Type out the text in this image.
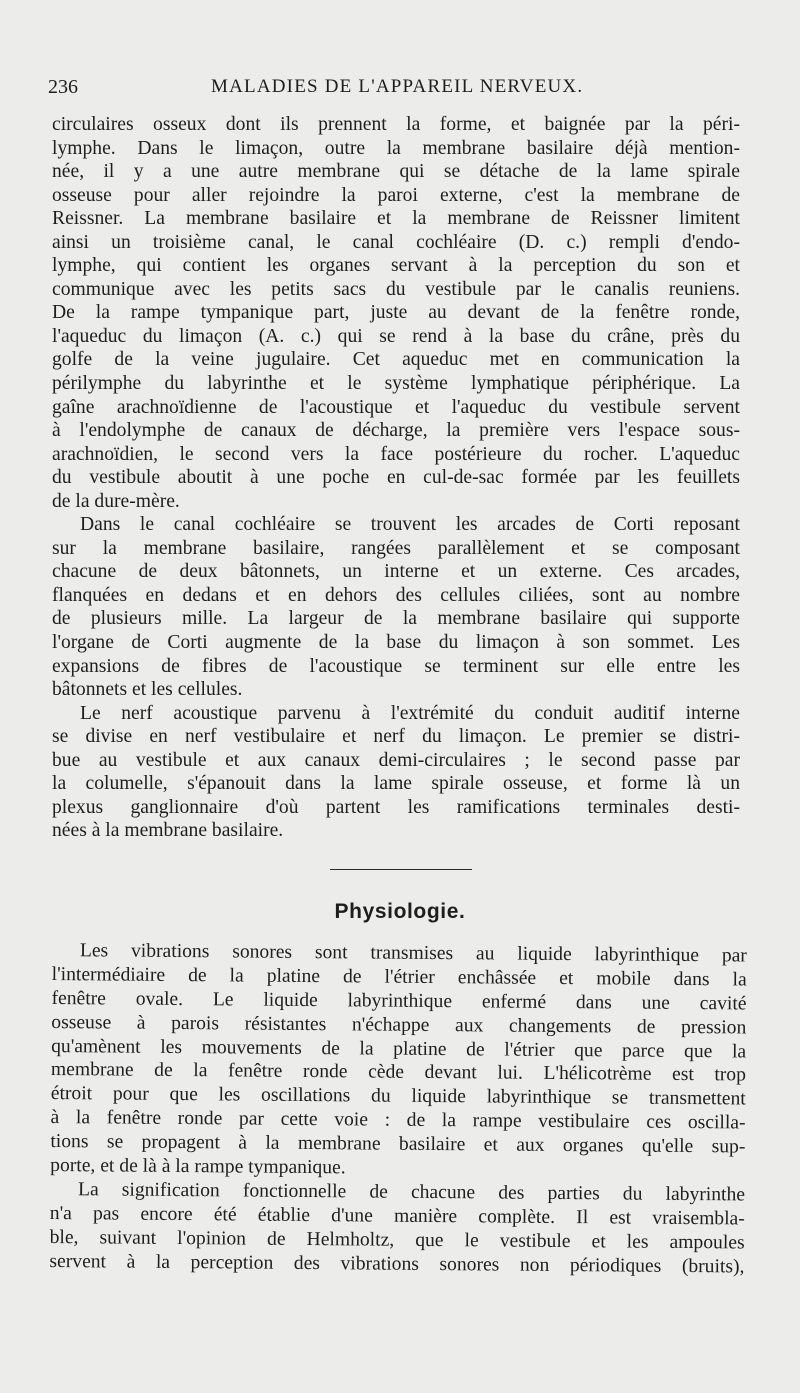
236	MALADIES DE L'APPAREIL NERVEUX.
circulaires osseux dont ils prennent la forme, et baignée par la péri-
lymphe. Dans le limaçon, outre la membrane basilaire déjà mention-
née, il y a une autre membrane qui se détache de la lame spirale
osseuse pour aller rejoindre la paroi externe, c'est la membrane de
Reissner. La membrane basilaire et la membrane de Reissner limitent
ainsi un troisième canal, le canal cochléaire (D. c.) rempli d'endo-
lymphe, qui contient les organes servant à la perception du son et
communique avec les petits sacs du vestibule par le canalis reuniens.
De la rampe tympanique part, juste au devant de la fenêtre ronde,
l'aqueduc du limaçon (A. c.) qui se rend à la base du crâne, près du
golfe de la veine jugulaire. Cet aqueduc met en communication la
périlymphe du labyrinthe et le système lymphatique périphérique. La
gaîne arachnoïdienne de l'acoustique et l'aqueduc du vestibule servent
à l'endolymphe de canaux de décharge, la première vers l'espace sous-
arachnoïdien, le second vers la face postérieure du rocher. L'aqueduc
du vestibule aboutit à une poche en cul-de-sac formée par les feuillets
de la dure-mère.
Dans le canal cochléaire se trouvent les arcades de Corti reposant
sur la membrane basilaire, rangées parallèlement et se composant
chacune de deux bâtonnets, un interne et un externe. Ces arcades,
flanquées en dedans et en dehors des cellules ciliées, sont au nombre
de plusieurs mille. La largeur de la membrane basilaire qui supporte
l'organe de Corti augmente de la base du limaçon à son sommet. Les
expansions de fibres de l'acoustique se terminent sur elle entre les
bâtonnets et les cellules.
Le nerf acoustique parvenu à l'extrémité du conduit auditif interne
se divise en nerf vestibulaire et nerf du limaçon. Le premier se distri-
bue au vestibule et aux canaux demi-circulaires ; le second passe par
la columelle, s'épanouit dans la lame spirale osseuse, et forme là un
plexus ganglionnaire d'où partent les ramifications terminales desti-
nées à la membrane basilaire.
Physiologie.
Les vibrations sonores sont transmises au liquide labyrinthique par
l'intermédiaire de la platine de l'étrier enchâssée et mobile dans la
fenêtre ovale. Le liquide labyrinthique enfermé dans une cavité
osseuse à parois résistantes n'échappe aux changements de pression
qu'amènent les mouvements de la platine de l'étrier que parce que la
membrane de la fenêtre ronde cède devant lui. L'hélicotrème est trop
étroit pour que les oscillations du liquide labyrinthique se transmettent
à la fenêtre ronde par cette voie : de la rampe vestibulaire ces oscilla-
tions se propagent à la membrane basilaire et aux organes qu'elle sup-
porte, et de là à la rampe tympanique.
La signification fonctionnelle de chacune des parties du labyrinthe
n'a pas encore été établie d'une manière complète. Il est vraisembla-
ble, suivant l'opinion de Helmholtz, que le vestibule et les ampoules
servent à la perception des vibrations sonores non périodiques (bruits),
